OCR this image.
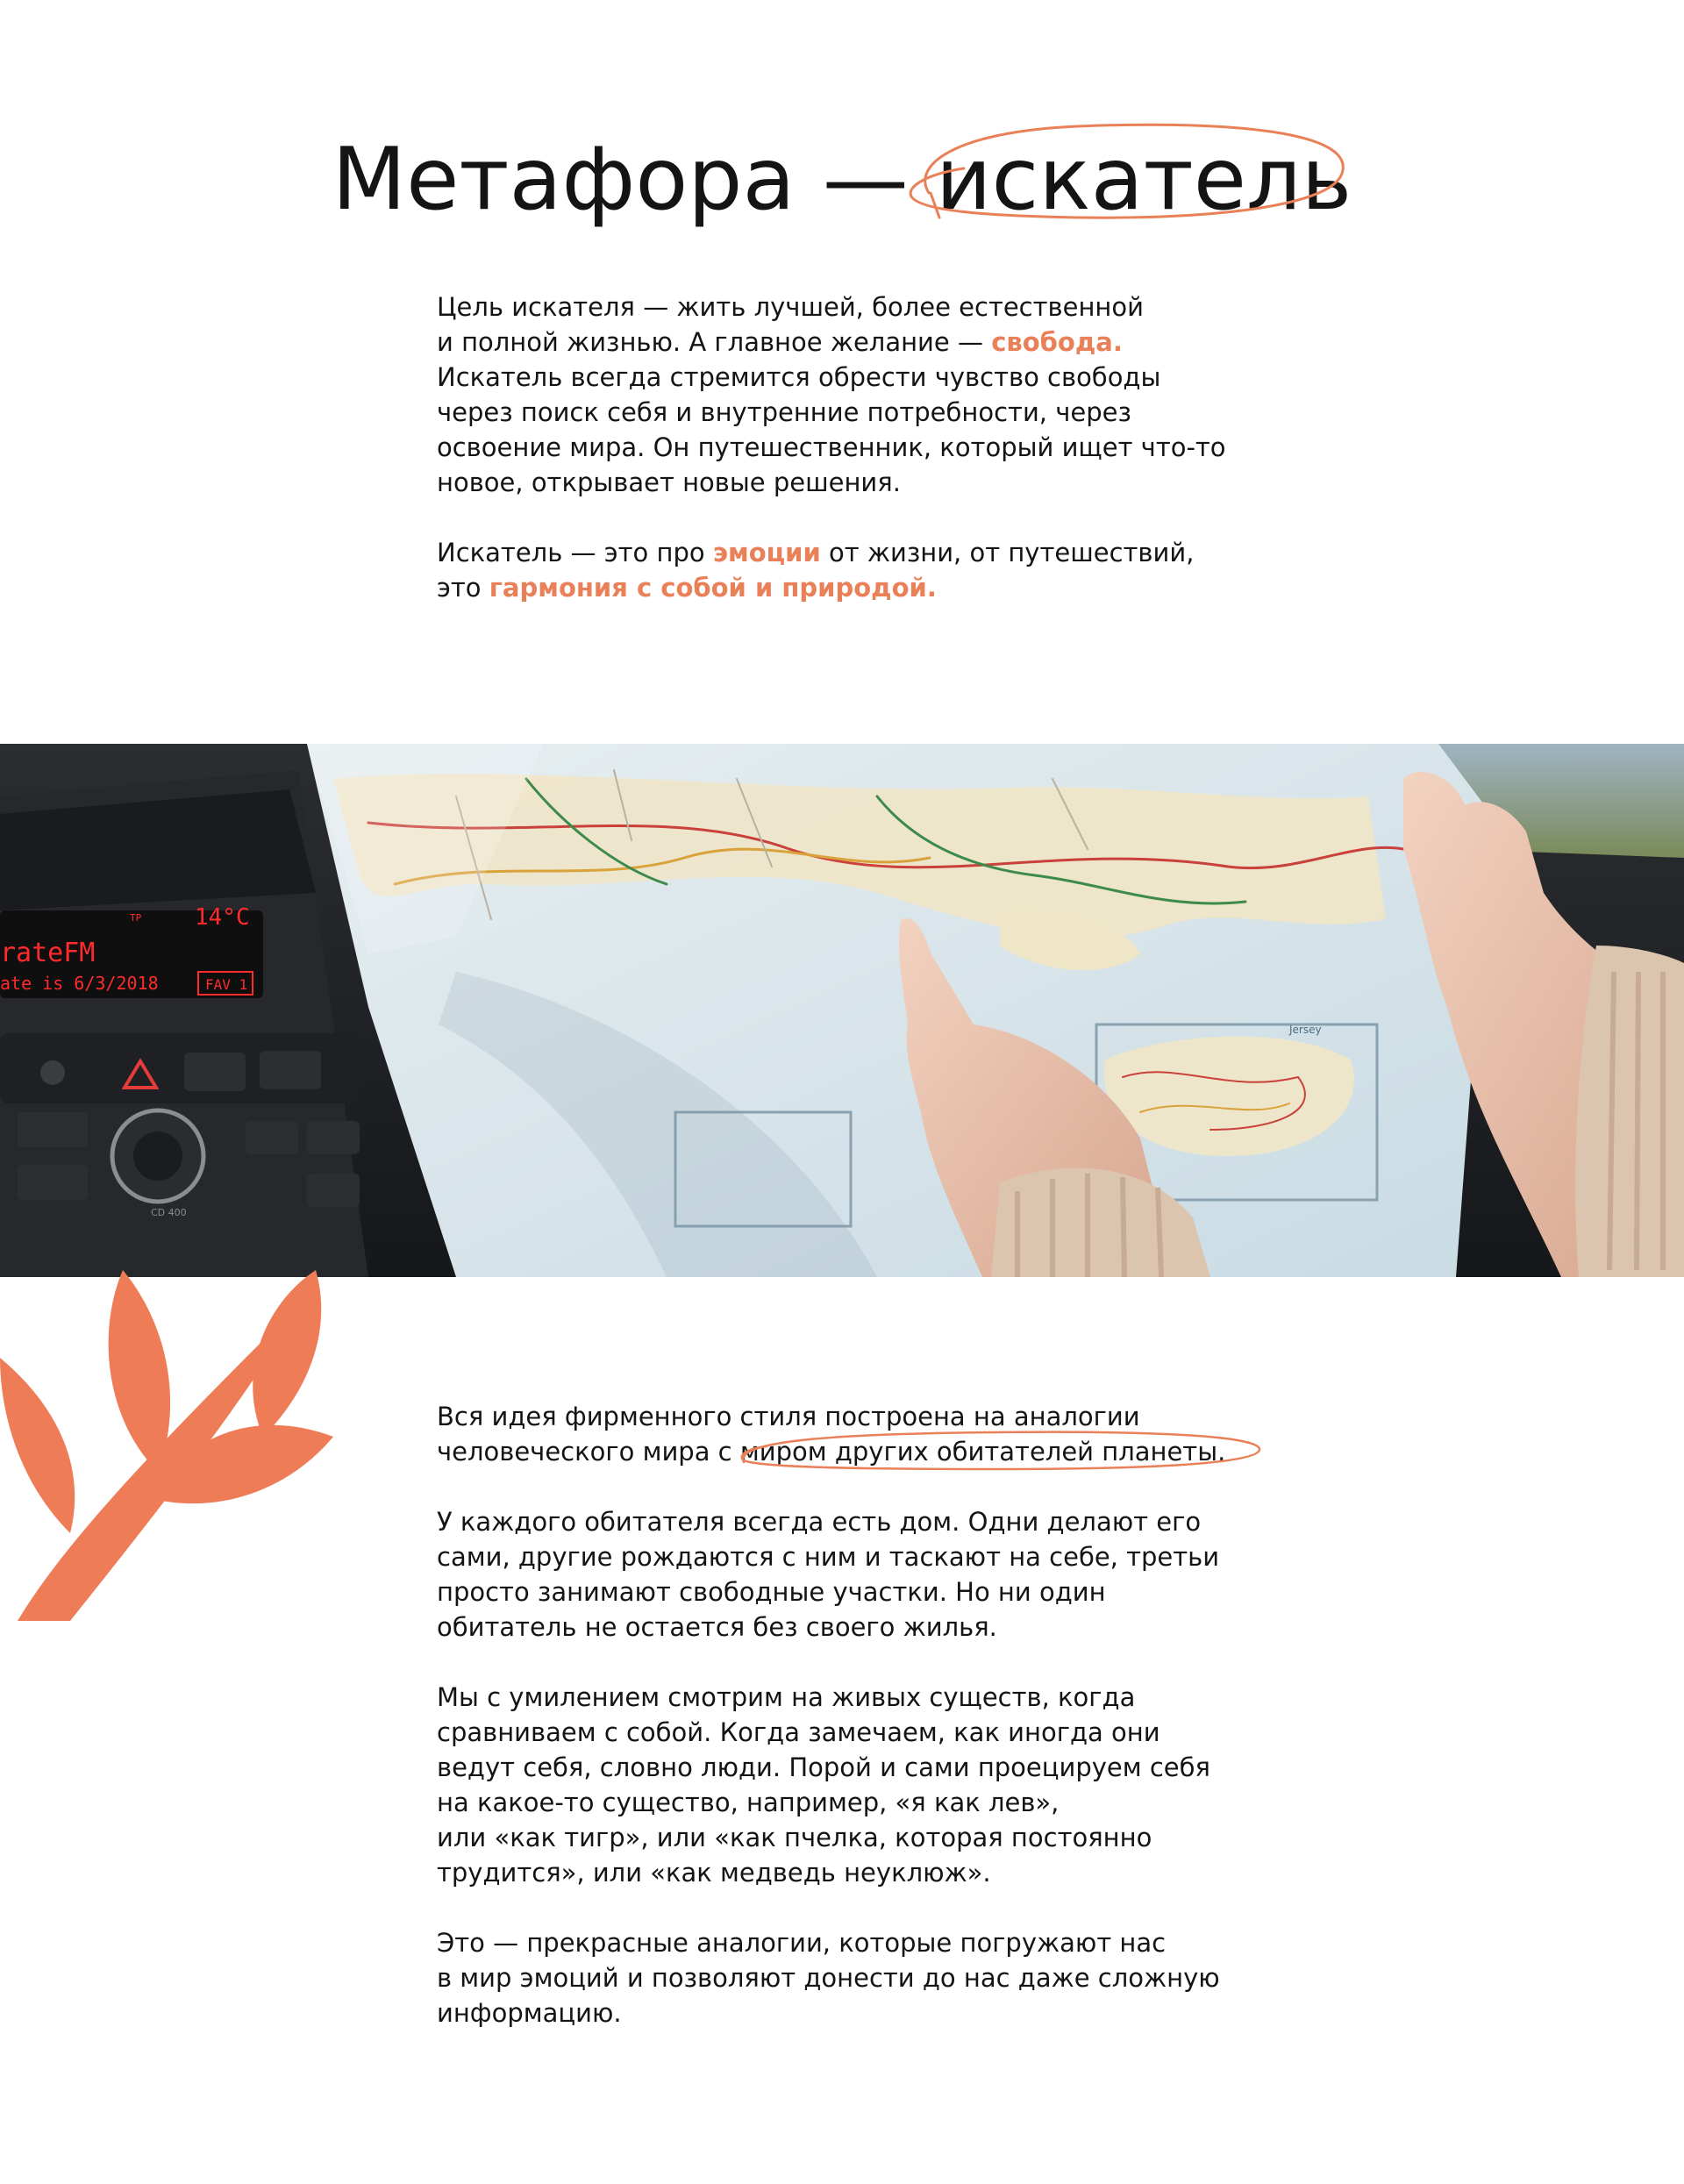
Метафора — искатель

Цель искателя — жить лучшей, более естественной
и полной жизнью. А главное желание — свобода.
Искатель всегда стремится обрести чувство свободы
через поиск себя и внутренние потребности, через
освоение мира. Он путешественник, который ищет что-то
новое, открывает новые решения.

Искатель — это про эмоции от жизни, от путешествий,
это гармония с собой и природой.

14°C
TP
rateFM
ate is 6/3/2018	FAV 1
CD 400
Jersey

Вся идея фирменного стиля построена на аналогии
человеческого мира с миром других обитателей планеты.

У каждого обитателя всегда есть дом. Одни делают его
сами, другие рождаются с ним и таскают на себе, третьи
просто занимают свободные участки. Но ни один
обитатель не остается без своего жилья.

Мы с умилением смотрим на живых существ, когда
сравниваем с собой. Когда замечаем, как иногда они
ведут себя, словно люди. Порой и сами проецируем себя
на какое-то существо, например, «я как лев»,
или «как тигр», или «как пчелка, которая постоянно
трудится», или «как медведь неуклюж».

Это — прекрасные аналогии, которые погружают нас
в мир эмоций и позволяют донести до нас даже сложную
информацию.
